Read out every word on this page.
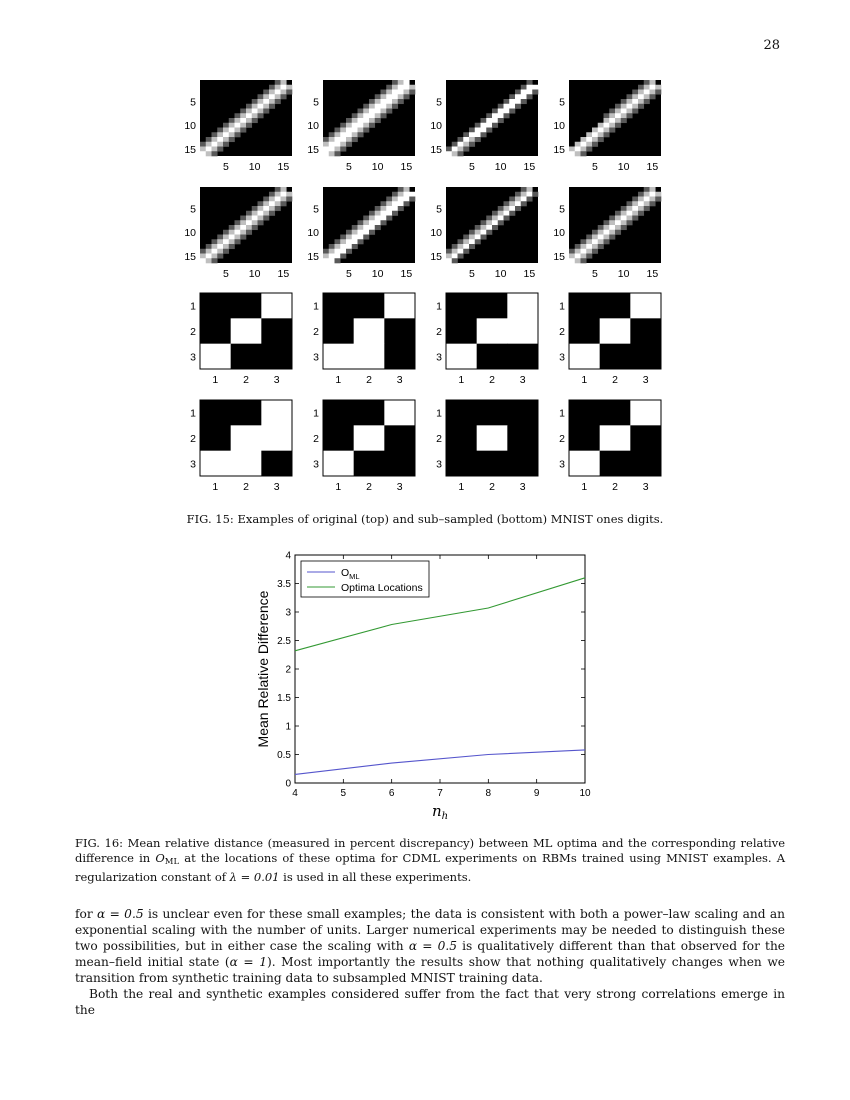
28
5
5
10
10
15
15
5
5
10
10
15
15
5
5
10
10
15
15
5
5
10
10
15
15
5
5
10
10
15
15
5
5
10
10
15
15
5
5
10
10
15
15
5
5
10
10
15
15
1
1
2
2
3
3
1
1
2
2
3
3
1
1
2
2
3
3
1
1
2
2
3
3
1
1
2
2
3
3
1
1
2
2
3
3
1
1
2
2
3
3
1
1
2
2
3
3
FIG. 15: Examples of original (top) and sub–sampled (bottom) MNIST ones digits.
4	5	6	7	8	9	10
0
0.5
1
1.5
2
2.5
3
3.5
4
$O_{ML}$
Optima Locations
Mean Relative Difference
$n_h$
FIG. 16: Mean relative distance (measured in percent discrepancy) between ML optima and the corresponding relative difference in $O_{ML}$ at the locations of these optima for CDML experiments on RBMs trained using MNIST examples. A regularization constant of λ = 0.01 is used in all these experiments.

for α = 0.5 is unclear even for these small examples; the data is consistent with both a power–law scaling and an exponential scaling with the number of units. Larger numerical experiments may be needed to distinguish these two possibilities, but in either case the scaling with α = 0.5 is qualitatively different than that observed for the mean–field initial state (α = 1). Most importantly the results show that nothing qualitatively changes when we transition from synthetic training data to subsampled MNIST training data.

Both the real and synthetic examples considered suffer from the fact that very strong correlations emerge in the
